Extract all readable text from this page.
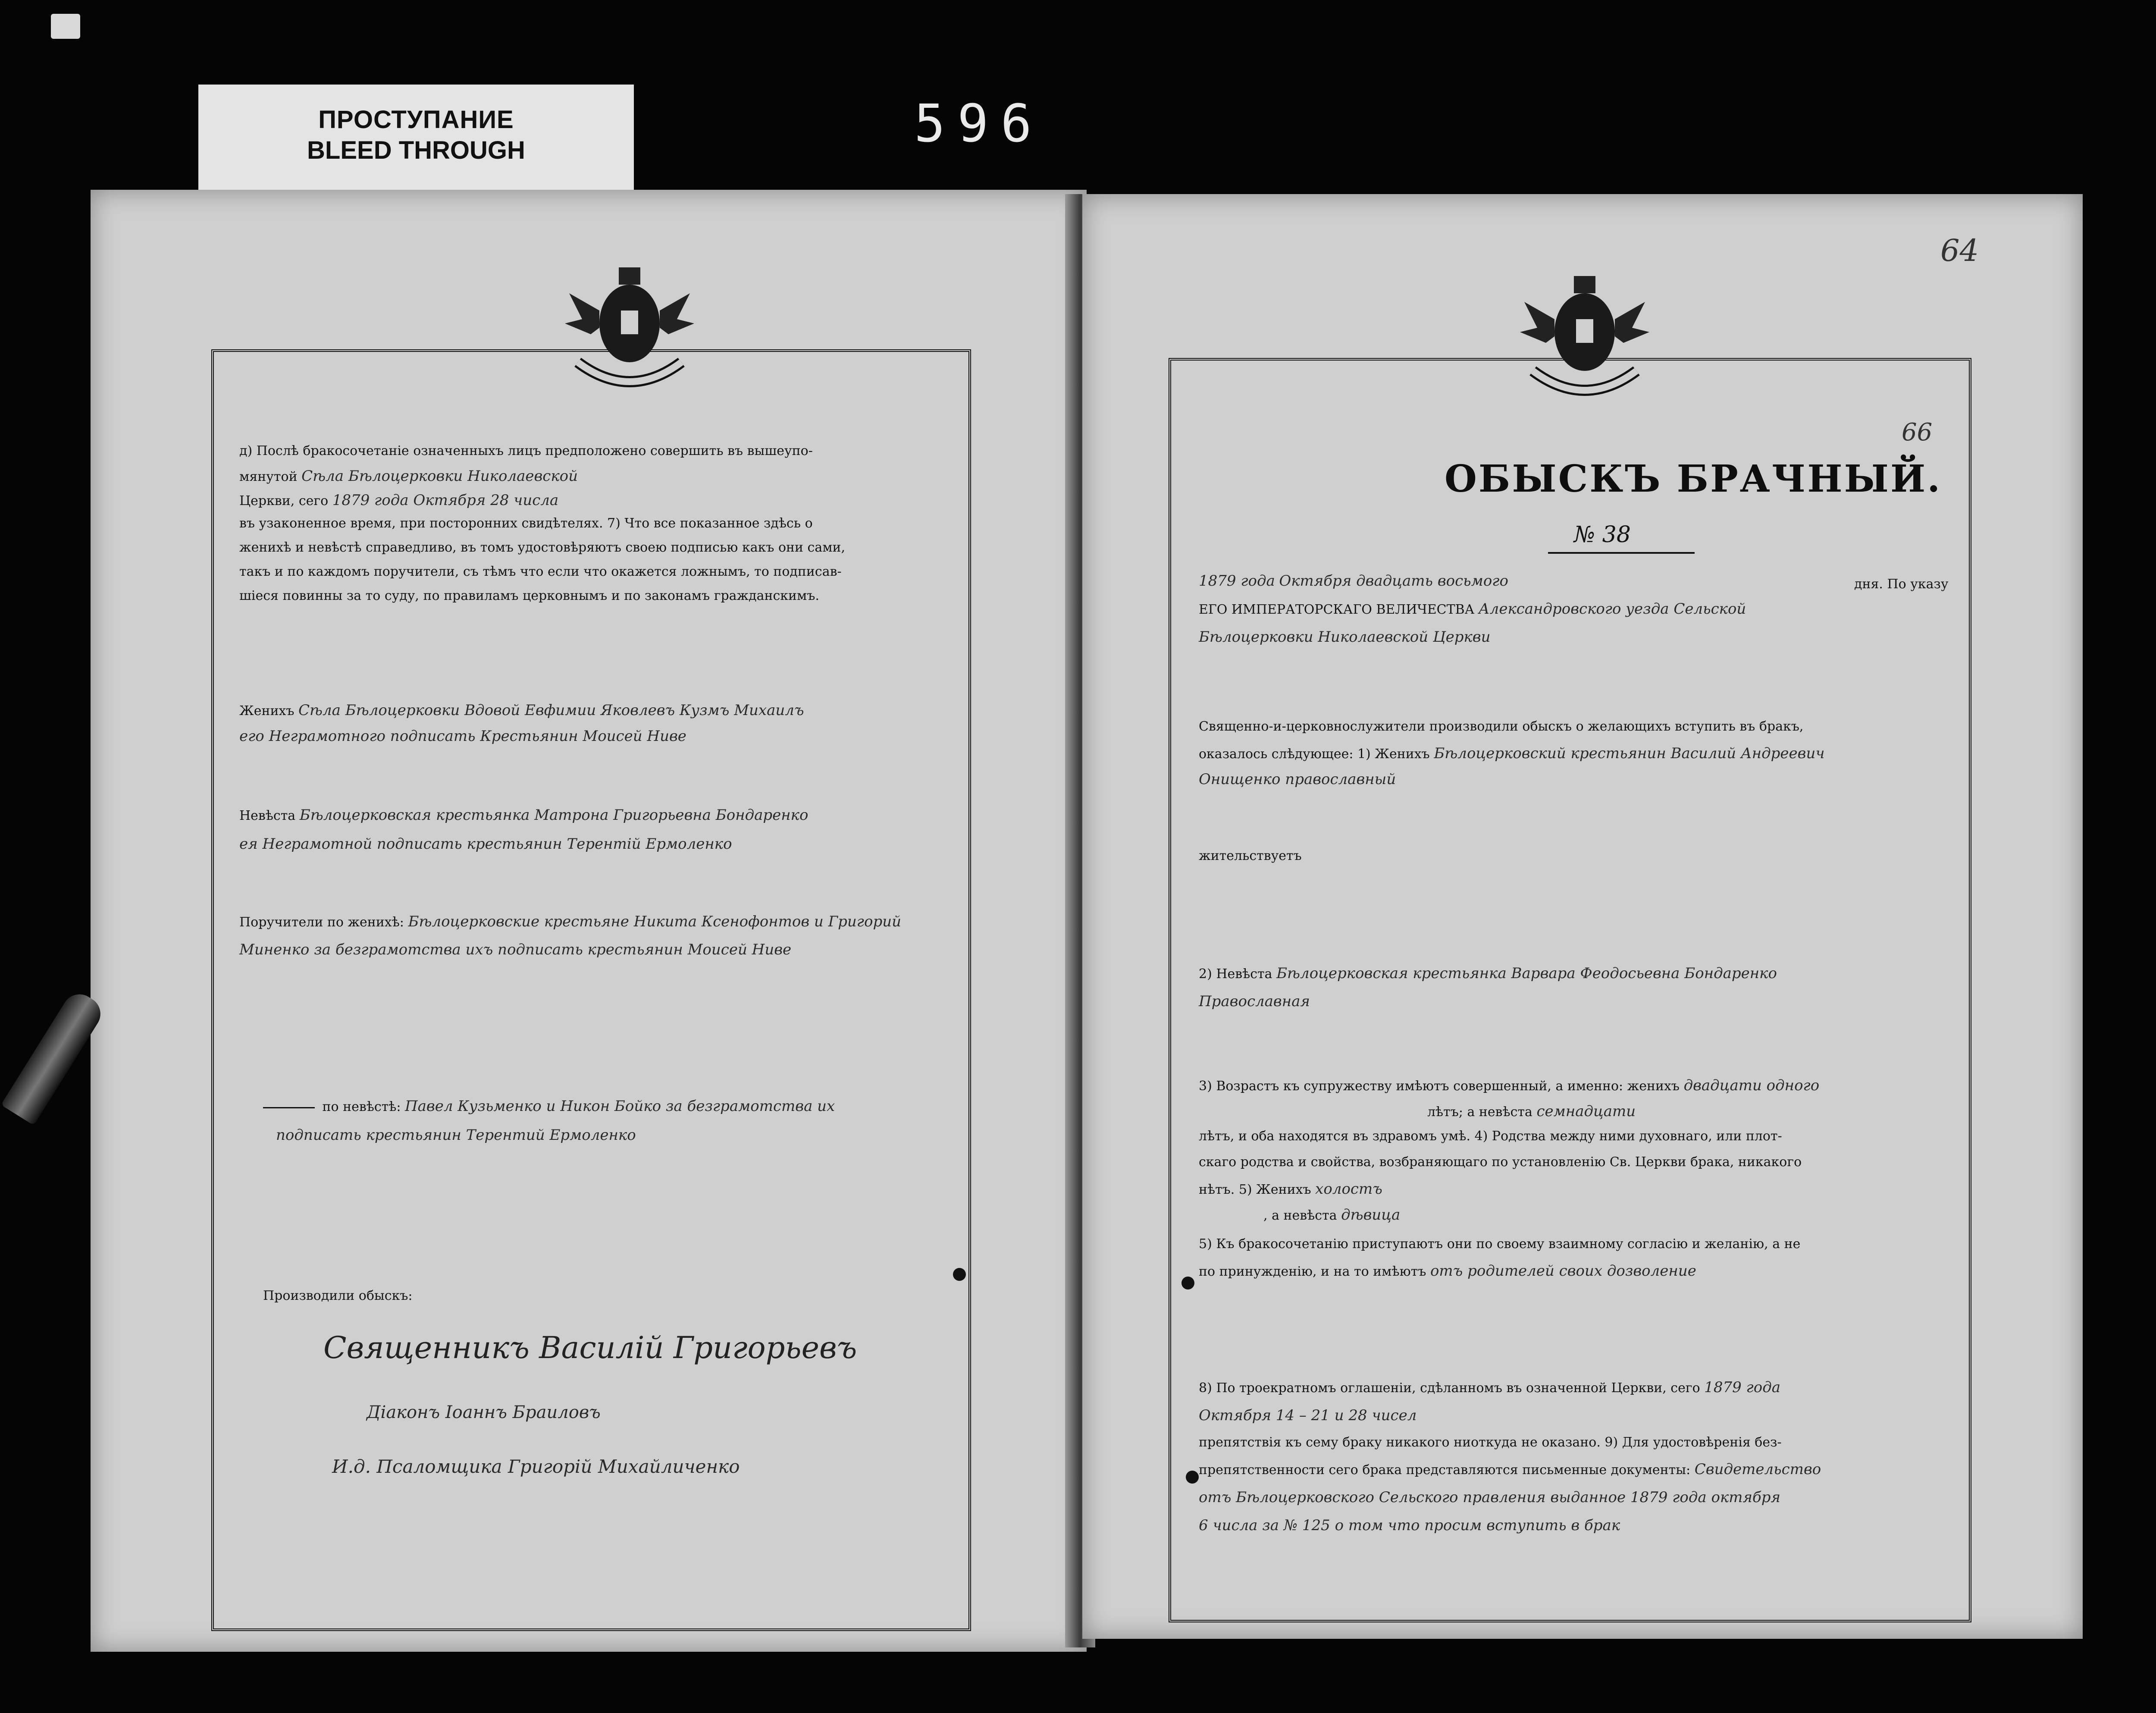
ПРОСТУПАНИЕ
BLEED THROUGH	596
д) Послѣ бракосочетаніе означенныхъ лицъ предположено совершить въ вышеупо-
мянутой Сѣла Бѣлоцерковки Николаевской
Церкви, сего 1879 года Октября 28 числа
въ узаконенное время, при посторонних свидѣтелях. 7) Что все показанное здѣсь о
женихѣ и невѣстѣ справедливо, въ томъ удостовѣряютъ своею подписью какъ они сами,
такъ и по каждомъ поручители, съ тѣмъ что если что окажется ложнымъ, то подписав-
шіеся повинны за то суду, по правиламъ церковнымъ и по законамъ гражданскимъ.
Женихъ Сѣла Бѣлоцерковки Вдовой Евфимии Яковлевъ Кузмъ Михаилъ
его Неграмотного подписать Крестьянин Моисей Ниве
Невѣста Бѣлоцерковская крестьянка Матрона Григорьевна Бондаренко
ея Неграмотной подписать крестьянин Терентій Ермоленко
Поручители по женихѣ: Бѣлоцерковские крестьяне Никита Ксенофонтов и Григорий
Миненко за безграмотства ихъ подписать крестьянин Моисей Ниве
по невѣстѣ: Павел Кузьменко и Никон Бойко за безграмотства их
подписать крестьянин Терентий Ермоленко
Производили обыскъ:
Священникъ Василій Григорьевъ
Діаконъ Іоаннъ Браиловъ
И.д. Псаломщика Григорій Михайличенко
64
66
ОБЫСКЪ БРАЧНЫЙ.
№ 38
1879 года Октября двадцать восьмого	дня. По указу
ЕГО ИМПЕРАТОРСКАГО ВЕЛИЧЕСТВА Александровского уезда Сельской
Бѣлоцерковки Николаевской Церкви
Священно-и-церковнослужители производили обыскъ о желающихъ вступить въ бракъ,
оказалось слѣдующее: 1) Женихъ Бѣлоцерковский крестьянин Василий Андреевич
Онищенко православный
жительствуетъ
2) Невѣста Бѣлоцерковская крестьянка Варвара Феодосьевна Бондаренко
Православная
3) Возрастъ къ супружеству имѣютъ совершенный, а именно: женихъ двадцати одного
лѣтъ; а невѣста семнадцати
лѣтъ, и оба находятся въ здравомъ умѣ. 4) Родства между ними духовнаго, или плот-
скаго родства и свойства, возбраняющаго по установленію Св. Церкви брака, никакого
нѣтъ. 5) Женихъ холостъ
, а невѣста дѣвица
5) Къ бракосочетанію приступаютъ они по своему взаимному согласію и желанію, а не
по принужденію, и на то имѣютъ отъ родителей своих дозволение
8) По троекратномъ оглашеніи, сдѣланномъ въ означенной Церкви, сего 1879 года
Октября 14 – 21 и 28 чисел
препятствія къ сему браку никакого ниоткуда не оказано. 9) Для удостовѣренія без-
препятственности сего брака представляются письменные документы: Свидетельство
отъ Бѣлоцерковского Сельского правления выданное 1879 года октября
6 числа за № 125 о том что просим вступить в брак
